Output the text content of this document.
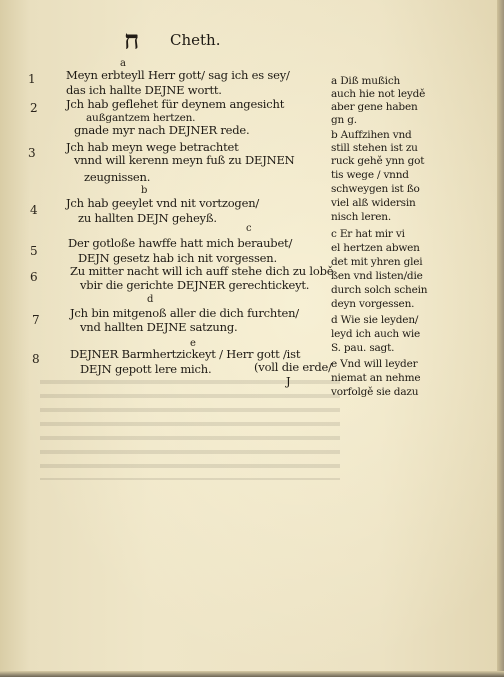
ח Cheth.
a
1	Meyn erbteyll Herr gott/ sag ich es sey/
das ich hallte DEJNE wortt.
2 Jch hab geflehet für deynem angesicht
außgantzem hertzen.
gnade myr nach DEJNER rede.
3	Jch hab meyn wege betrachtet
vnnd will kerenn meyn fuß zu DEJNEN
zeugnissen.
b
4 Jch hab geeylet vnd nit vortzogen/
zu hallten DEJN geheyß.
c
5
Der gotloße hawffe hatt mich beraubet/
DEJN gesetz hab ich nit vorgessen.
6	Zu mitter nacht will ich auff stehe dich zu lobě
vbir die gerichte DEJNER gerechtickeyt.
d
7	Jch bin mitgenoß aller die dich furchten/
vnd hallten DEJNE satzung.
e
8	DEJNER Barmhertzickeyt / Herr gott /ist
DEJN gepott lere mich.	(voll die erde/
J
a Diß mußich
auch hie not leydě
aber gene haben
gn g.
b Auffzihen vnd
still stehen ist zu
ruck gehě ynn got
tis wege / vnnd
schweygen ist ßo
viel alß widersin
nisch leren.
c Er hat mir vi
el hertzen abwen
det mit yhren glei
ßen vnd listen/die
durch solch schein
deyn vorgessen.
d Wie sie leyden/
leyd ich auch wie
S. pau. sagt.
e Vnd will leyder
niemat an nehme
vorfolgě sie dazu
